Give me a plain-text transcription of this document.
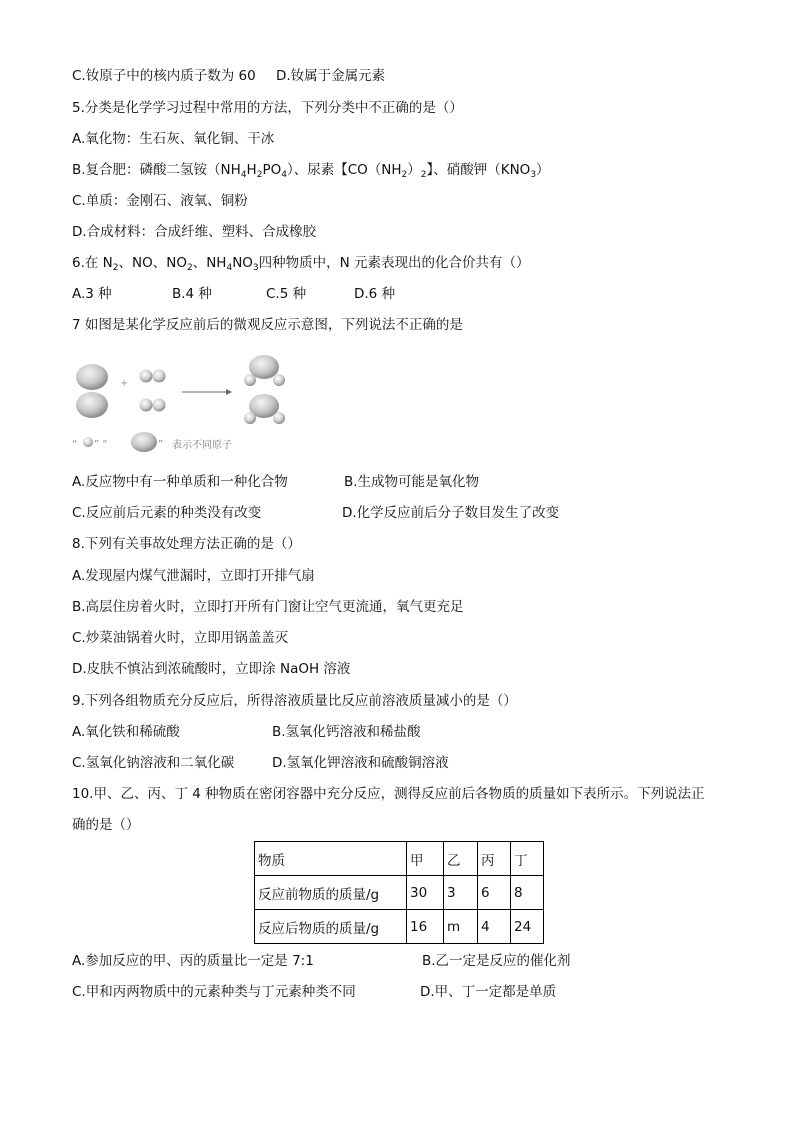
C.钕原子中的核内质子数为 60 D.钕属于金属元素
5.分类是化学学习过程中常用的方法，下列分类中不正确的是（）
A.氧化物：生石灰、氧化铜、干冰
B.复合肥：磷酸二氢铵$(NH_4H_2PO_4)$、尿素【$CO(NH_2)_2$】、硝酸钾$(KNO_3)$
C.单质：金刚石、液氧、铜粉
D.合成材料：合成纤维、塑料、合成橡胶
6.在 $N_2$、NO、$NO_2$、$NH_4NO_3$四种物质中，N 元素表现出的化合价共有（）
A.3 种	B.4 种	C.5 种	D.6 种
7 如图是某化学反应前后的微观反应示意图，下列说法不正确的是
+
“ ” “	” 表示不同原子
A.反应物中有一种单质和一种化合物	B.生成物可能是氧化物
C.反应前后元素的种类没有改变	D.化学反应前后分子数目发生了改变
8.下列有关事故处理方法正确的是（）
A.发现屋内煤气泄漏时，立即打开排气扇
B.高层住房着火时，立即打开所有门窗让空气更流通，氧气更充足
C.炒菜油锅着火时，立即用锅盖盖灭
D.皮肤不慎沾到浓硫酸时，立即涂 NaOH 溶液
9.下列各组物质充分反应后，所得溶液质量比反应前溶液质量减小的是（）
A.氧化铁和稀硫酸	B.氢氧化钙溶液和稀盐酸
C.氢氧化钠溶液和二氧化碳	D.氢氧化钾溶液和硫酸铜溶液
10.甲、乙、丙、丁 4 种物质在密闭容器中充分反应，测得反应前后各物质的质量如下表所示。下列说法正
确的是（）
物质	甲	乙	丙	丁
反应前物质的质量/g	30	3	6	8
反应后物质的质量/g	16	m	4	24
A.参加反应的甲、丙的质量比一定是 7:1	B.乙一定是反应的催化剂
C.甲和丙两物质中的元素种类与丁元素种类不同	D.甲、丁一定都是单质
